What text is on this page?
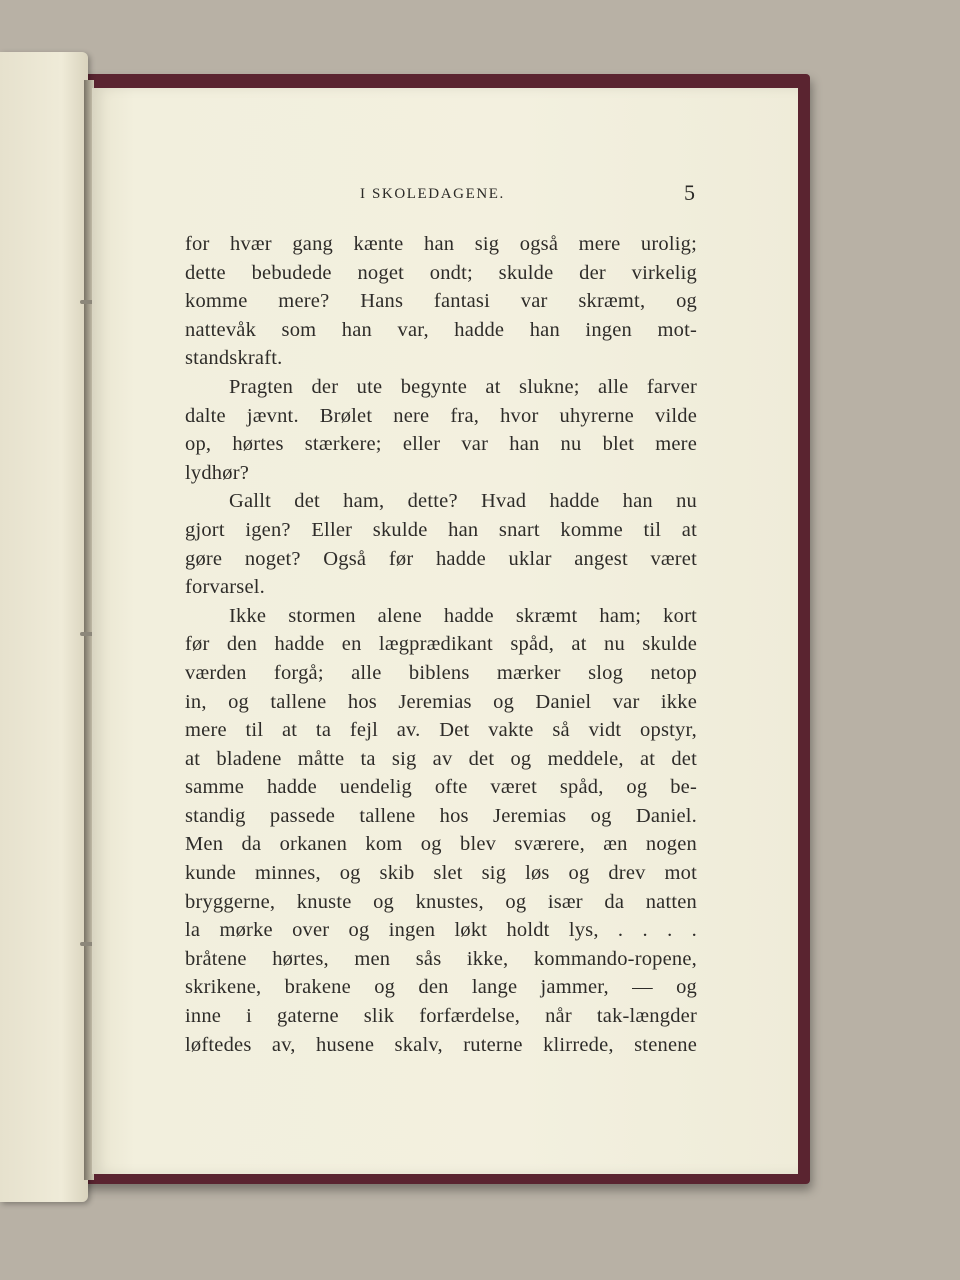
I SKOLEDAGENE.	5
for hvær gang kænte han sig også mere urolig;
dette bebudede noget ondt; skulde der virkelig
komme mere? Hans fantasi var skræmt, og
nattevåk som han var, hadde han ingen mot-
standskraft.
Pragten der ute begynte at slukne; alle farver
dalte jævnt. Brølet nere fra, hvor uhyrerne vilde
op, hørtes stærkere; eller var han nu blet mere
lydhør?
Gallt det ham, dette? Hvad hadde han nu
gjort igen? Eller skulde han snart komme til at
gøre noget? Også før hadde uklar angest været
forvarsel.
Ikke stormen alene hadde skræmt ham; kort
før den hadde en lægprædikant spåd, at nu skulde
værden forgå; alle biblens mærker slog netop
in, og tallene hos Jeremias og Daniel var ikke
mere til at ta fejl av. Det vakte så vidt opstyr,
at bladene måtte ta sig av det og meddele, at det
samme hadde uendelig ofte været spåd, og be-
standig passede tallene hos Jeremias og Daniel.
Men da orkanen kom og blev sværere, æn nogen
kunde minnes, og skib slet sig løs og drev mot
bryggerne, knuste og knustes, og især da natten
la mørke over og ingen løkt holdt lys, . . . .
bråtene hørtes, men sås ikke, kommando-ropene,
skrikene, brakene og den lange jammer, — og
inne i gaterne slik forfærdelse, når tak-længder
løftedes av, husene skalv, ruterne klirrede, stenene
